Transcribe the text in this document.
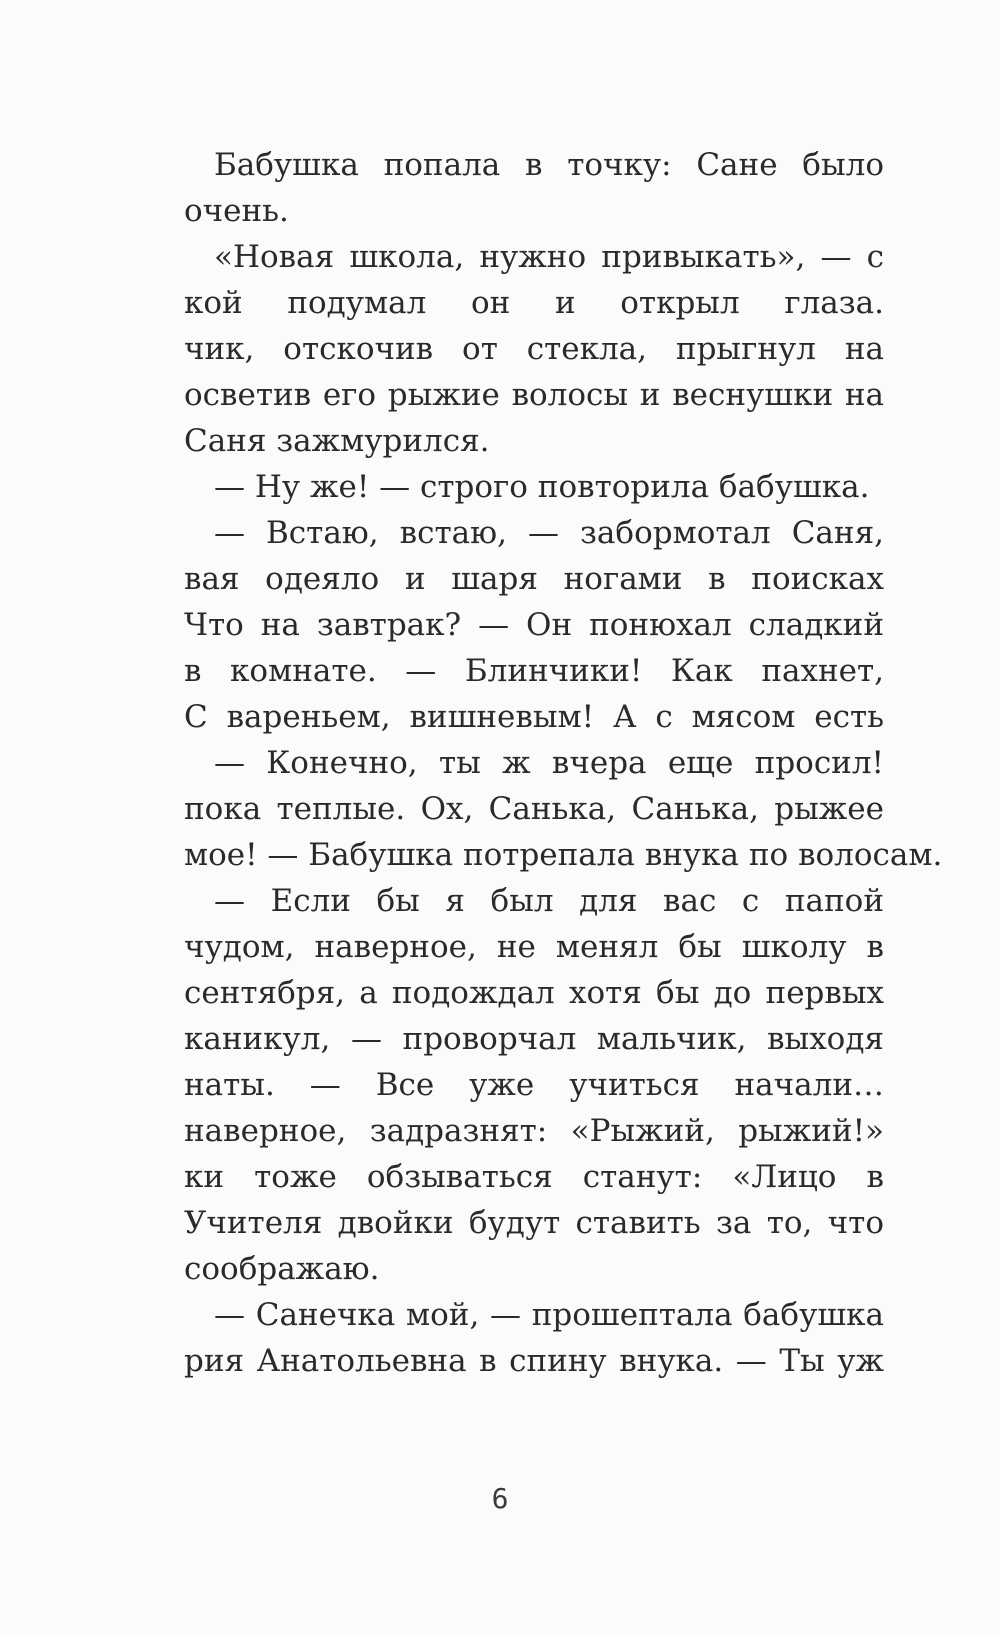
Бабушка попала в точку: Сане было
очень.
«Новая школа, нужно привыкать», — с
кой подумал он и открыл глаза.
чик, отскочив от стекла, прыгнул на
осветив его рыжие волосы и веснушки на
Саня зажмурился.
— Ну же! — строго повторила бабушка.
— Встаю, встаю, — забормотал Саня,
вая одеяло и шаря ногами в поисках
Что на завтрак? — Он понюхал сладкий
в комнате. — Блинчики! Как пахнет,
С вареньем, вишневым! А с мясом есть
— Конечно, ты ж вчера еще просил!
пока теплые. Ох, Санька, Санька, рыжее
мое! — Бабушка потрепала внука по волосам.
— Если бы я был для вас с папой
чудом, наверное, не менял бы школу в
сентября, а подождал хотя бы до первых
каникул, — проворчал мальчик, выходя
наты. — Все уже учиться начали…
наверное, задразнят: «Рыжий, рыжий!»
ки тоже обзываться станут: «Лицо в
Учителя двойки будут ставить за то, что
соображаю.
— Санечка мой, — прошептала бабушка
рия Анатольевна в спину внука. — Ты уж
6
